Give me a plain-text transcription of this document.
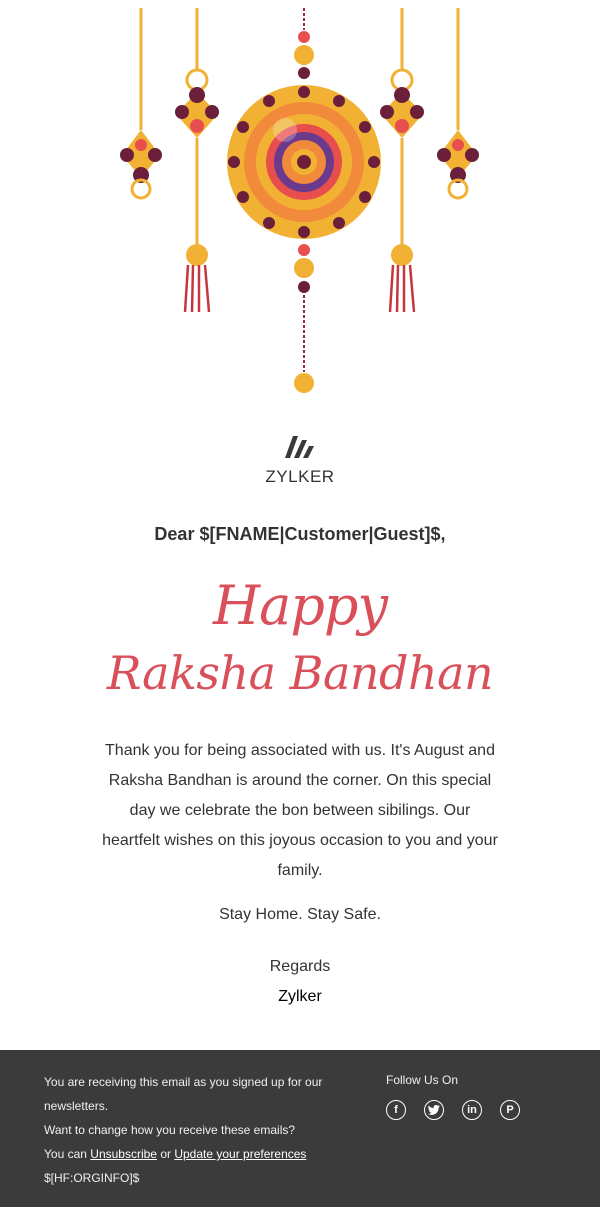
ZYLKER
Dear $[FNAME|Customer|Guest]$,
Happy
Raksha Bandhan
Thank you for being associated with us. It's August and Raksha Bandhan is around the corner. On this special day we celebrate the bon between sibilings. Our heartfelt wishes on this joyous occasion to you and your family.
Stay Home. Stay Safe.
Regards
Zylker
You are receiving this email as you signed up for our newsletters.
Want to change how you receive these emails?
You can Unsubscribe or Update your preferences
$[HF:ORGINFO]$
Follow Us On
f	in	P
